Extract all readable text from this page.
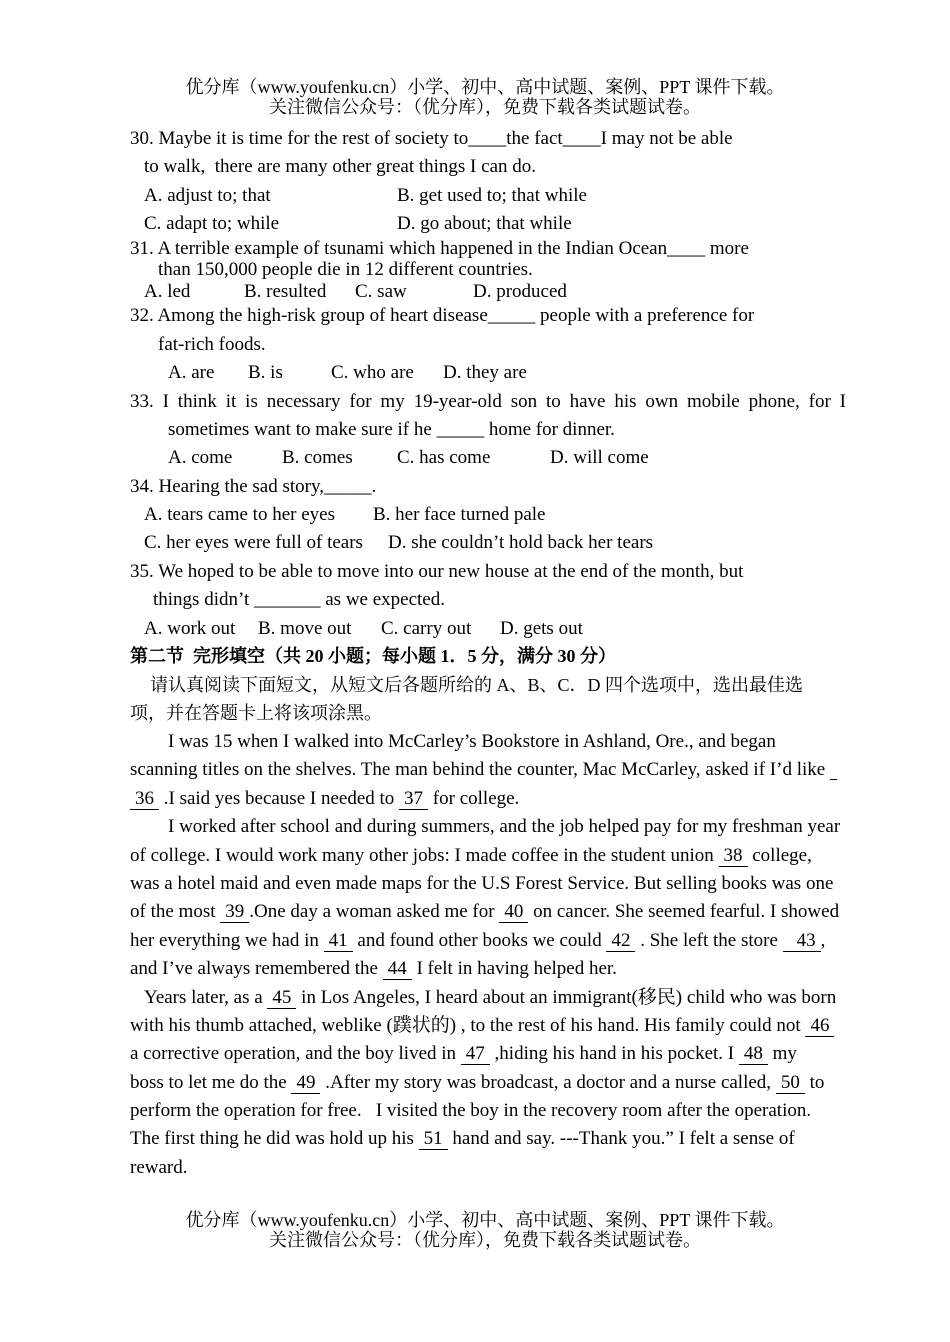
优分库（www.youfenku.cn）小学、初中、高中试题、案例、PPT 课件下载。
关注微信公众号：（优分库），免费下载各类试题试卷。
30. Maybe it is time for the rest of society to____the fact____I may not be able
to walk,  there are many other great things I can do.
A. adjust to; that	B. get used to; that while
C. adapt to; while	D. go about; that while
31. A terrible example of tsunami which happened in the Indian Ocean____ more
than 150,000 people die in 12 different countries.
A. led	B. resulted C. saw	D. produced
32. Among the high-risk group of heart disease_____ people with a preference for
fat-rich foods.
A. are B. is	C. who are D. they are
33. I think it is necessary for my 19-year-old son to have his own mobile phone, for I
sometimes want to make sure if he _____ home for dinner.
A. come	B. comes C. has come	D. will come
34. Hearing the sad story,_____.
A. tears came to her eyes B. her face turned pale
C. her eyes were full of tears D. she couldn’t hold back her tears
35. We hoped to be able to move into our new house at the end of the month, but
things didn’t _______ as we expected.
A. work out B. move out C. carry out D. gets out
第二节  完形填空（共 20 小题；每小题 1．5 分，满分 30 分）
请认真阅读下面短文，从短文后各题所给的 A、B、C．D 四个选项中，选出最佳选
项，并在答题卡上将该项涂黑。
I was 15 when I walked into McCarley’s Bookstore in Ashland, Ore., and began
scanning titles on the shelves. The man behind the counter, Mac McCarley, asked if I’d like
36 .I said yes because I needed to 37 for college.
I worked after school and during summers, and the job helped pay for my freshman year
of college. I would work many other jobs: I made coffee in the student union 38 college,
was a hotel maid and even made maps for the U.S Forest Service. But selling books was one
of the most 39 .One day a woman asked me for 40 on cancer. She seemed fearful. I showed
her everything we had in 41 and found other books we could 42 . She left the store 43 ,
and I’ve always remembered the 44 I felt in having helped her.
Years later, as a 45 in Los Angeles, I heard about an immigrant(移民) child who was born
with his thumb attached, weblike (蹼状的) , to the rest of his hand. His family could not 46
a corrective operation, and the boy lived in 47 ,hiding his hand in his pocket. I 48 my
boss to let me do the 49 .After my story was broadcast, a doctor and a nurse called, 50 to
perform the operation for free.   I visited the boy in the recovery room after the operation.
The first thing he did was hold up his 51 hand and say. ---Thank you.” I felt a sense of
reward.
优分库（www.youfenku.cn）小学、初中、高中试题、案例、PPT 课件下载。
关注微信公众号：（优分库），免费下载各类试题试卷。
